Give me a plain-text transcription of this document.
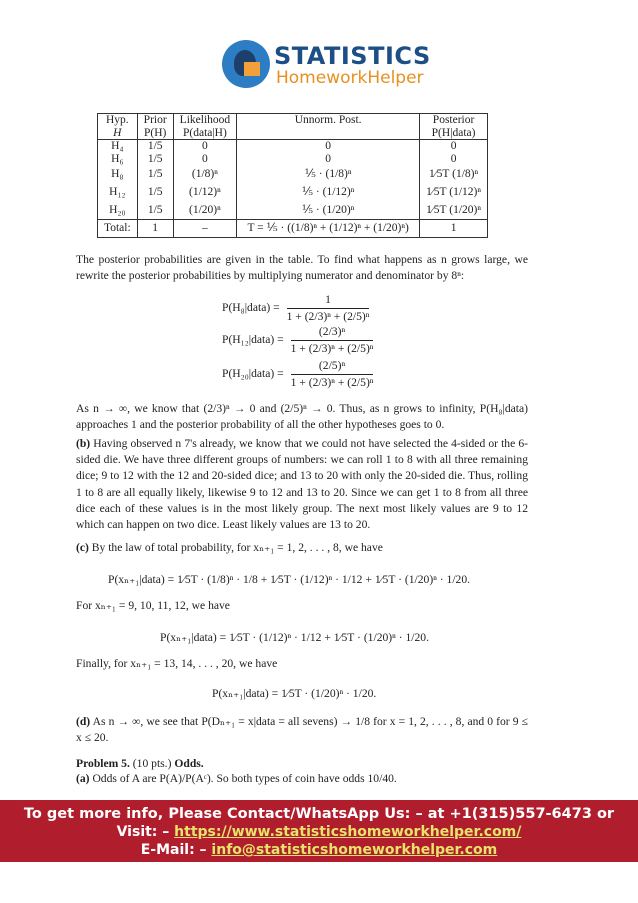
STATISTICS
HomeworkHelper
Hyp.	Prior	Likelihood	Unnorm. Post.	Posterior
H	P(H)	P(data|H)		P(H|data)
H₄	1/5	0	0	0
H₆	1/5	0	0	0
H₈	1/5	(1/8)ⁿ	⅕ · (1/8)ⁿ	1⁄5T (1/8)ⁿ
H₁₂	1/5	(1/12)ⁿ	⅕ · (1/12)ⁿ	1⁄5T (1/12)ⁿ
H₂₀	1/5	(1/20)ⁿ	⅕ · (1/20)ⁿ	1⁄5T (1/20)ⁿ
Total:	1	–	T = ⅕ · ((1/8)ⁿ + (1/12)ⁿ + (1/20)ⁿ)	1
The posterior probabilities are given in the table. To find what happens as n grows large, we rewrite the posterior probabilities by multiplying numerator and denominator by 8ⁿ:
P(H₈|data) = $\frac{1}{\text{1 + (2/3)ⁿ + (2/5)ⁿ}}$
P(H₁₂|data) = $\frac{\text{(2/3)ⁿ}}{\text{1 + (2/3)ⁿ + (2/5)ⁿ}}$
P(H₂₀|data) = $\frac{\text{(2/5)ⁿ}}{\text{1 + (2/3)ⁿ + (2/5)ⁿ}}$
As n → ∞, we know that (2/3)ⁿ → 0 and (2/5)ⁿ → 0. Thus, as n grows to infinity, P(H₈|data) approaches 1 and the posterior probability of all the other hypotheses goes to 0.
(b) Having observed n 7's already, we know that we could not have selected the 4-sided or the 6-sided die. We have three different groups of numbers: we can roll 1 to 8 with all three remaining dice; 9 to 12 with the 12 and 20-sided dice; and 13 to 20 with only the 20-sided die. Thus, rolling 1 to 8 are all equally likely, likewise 9 to 12 and 13 to 20. Since we can get 1 to 8 from all three dice each of these values is in the most likely group. The next most likely values are 9 to 12 which can happen on two dice. Least likely values are 13 to 20.
(c) By the law of total probability, for xₙ₊₁ = 1, 2, . . . , 8, we have
P(xₙ₊₁|data) = 1⁄5T · (1/8)ⁿ · 1/8 + 1⁄5T · (1/12)ⁿ · 1/12 + 1⁄5T · (1/20)ⁿ · 1/20.
For xₙ₊₁ = 9, 10, 11, 12, we have
P(xₙ₊₁|data) = 1⁄5T · (1/12)ⁿ · 1/12 + 1⁄5T · (1/20)ⁿ · 1/20.
Finally, for xₙ₊₁ = 13, 14, . . . , 20, we have
P(xₙ₊₁|data) = 1⁄5T · (1/20)ⁿ · 1/20.
(d) As n → ∞, we see that P(Dₙ₊₁ = x|data = all sevens) → 1/8 for x = 1, 2, . . . , 8, and 0 for 9 ≤ x ≤ 20.
Problem 5. (10 pts.) Odds.
(a) Odds of A are P(A)/P(Aᶜ). So both types of coin have odds 10/40.
To get more info, Please Contact/WhatsApp Us: – at +1(315)557-6473 or
Visit: – https://www.statisticshomeworkhelper.com/
E-Mail: – info@statisticshomeworkhelper.com
